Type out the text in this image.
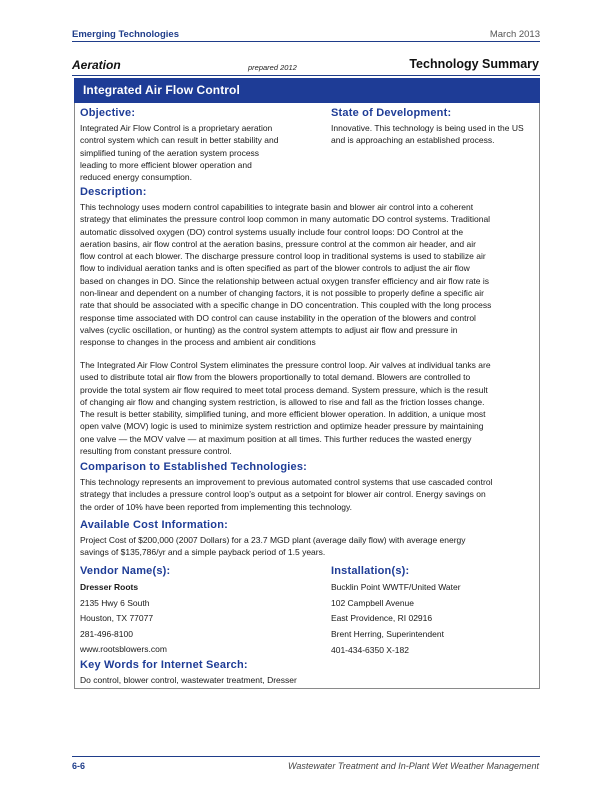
Emerging Technologies	March 2013
Aeration	prepared 2012	Technology Summary
Integrated Air Flow Control
Objective:

Integrated Air Flow Control is a proprietary aeration
control system which can result in better stability and
simplified tuning of the aeration system process
leading to more efficient blower operation and
reduced energy consumption.

State of Development:

Innovative. This technology is being used in the US
and is approaching an established process.

Description:

This technology uses modern control capabilities to integrate basin and blower air control into a coherent
strategy that eliminates the pressure control loop common in many automatic DO control systems. Traditional
automatic dissolved oxygen (DO) control systems usually include four control loops: DO Control at the
aeration basins, air flow control at the aeration basins, pressure control at the common air header, and air
flow control at each blower. The discharge pressure control loop in traditional systems is used to stabilize air
flow to individual aeration tanks and is often specified as part of the blower controls to adjust the air flow
based on changes in DO. Since the relationship between actual oxygen transfer efficiency and air flow rate is
non-linear and dependent on a number of changing factors, it is not possible to properly define a specific air
rate that should be associated with a specific change in DO concentration. This coupled with the long process
response time associated with DO control can cause instability in the operation of the blowers and control
valves (cyclic oscillation, or hunting) as the control system attempts to adjust air flow and pressure in
response to changes in the process and ambient air conditions

The Integrated Air Flow Control System eliminates the pressure control loop. Air valves at individual tanks are
used to distribute total air flow from the blowers proportionally to total demand. Blowers are controlled to
provide the total system air flow required to meet total process demand. System pressure, which is the result
of changing air flow and changing system restriction, is allowed to rise and fall as the friction losses change.
The result is better stability, simplified tuning, and more efficient blower operation. In addition, a unique most
open valve (MOV) logic is used to minimize system restriction and optimize header pressure by maintaining
one valve — the MOV valve — at maximum position at all times. This further reduces the wasted energy
resulting from constant pressure control.

Comparison to Established Technologies:

This technology represents an improvement to previous automated control systems that use cascaded control
strategy that includes a pressure control loop’s output as a setpoint for blower air control. Energy savings on
the order of 10% have been reported from implementing this technology.

Available Cost Information:

Project Cost of $200,000 (2007 Dollars) for a 23.7 MGD plant (average daily flow) with average energy
savings of $135,786/yr and a simple payback period of 1.5 years.

Vendor Name(s):

Dresser Roots
2135 Hwy 6 South
Houston, TX 77077
281-496-8100
www.rootsblowers.com

Installation(s):

Bucklin Point WWTF/United Water
102 Campbell Avenue
East Providence, RI 02916

Brent Herring, Superintendent
401-434-6350 X-182

Key Words for Internet Search:

Do control, blower control, wastewater treatment, Dresser

6-6	Wastewater Treatment and In-Plant Wet Weather Management
